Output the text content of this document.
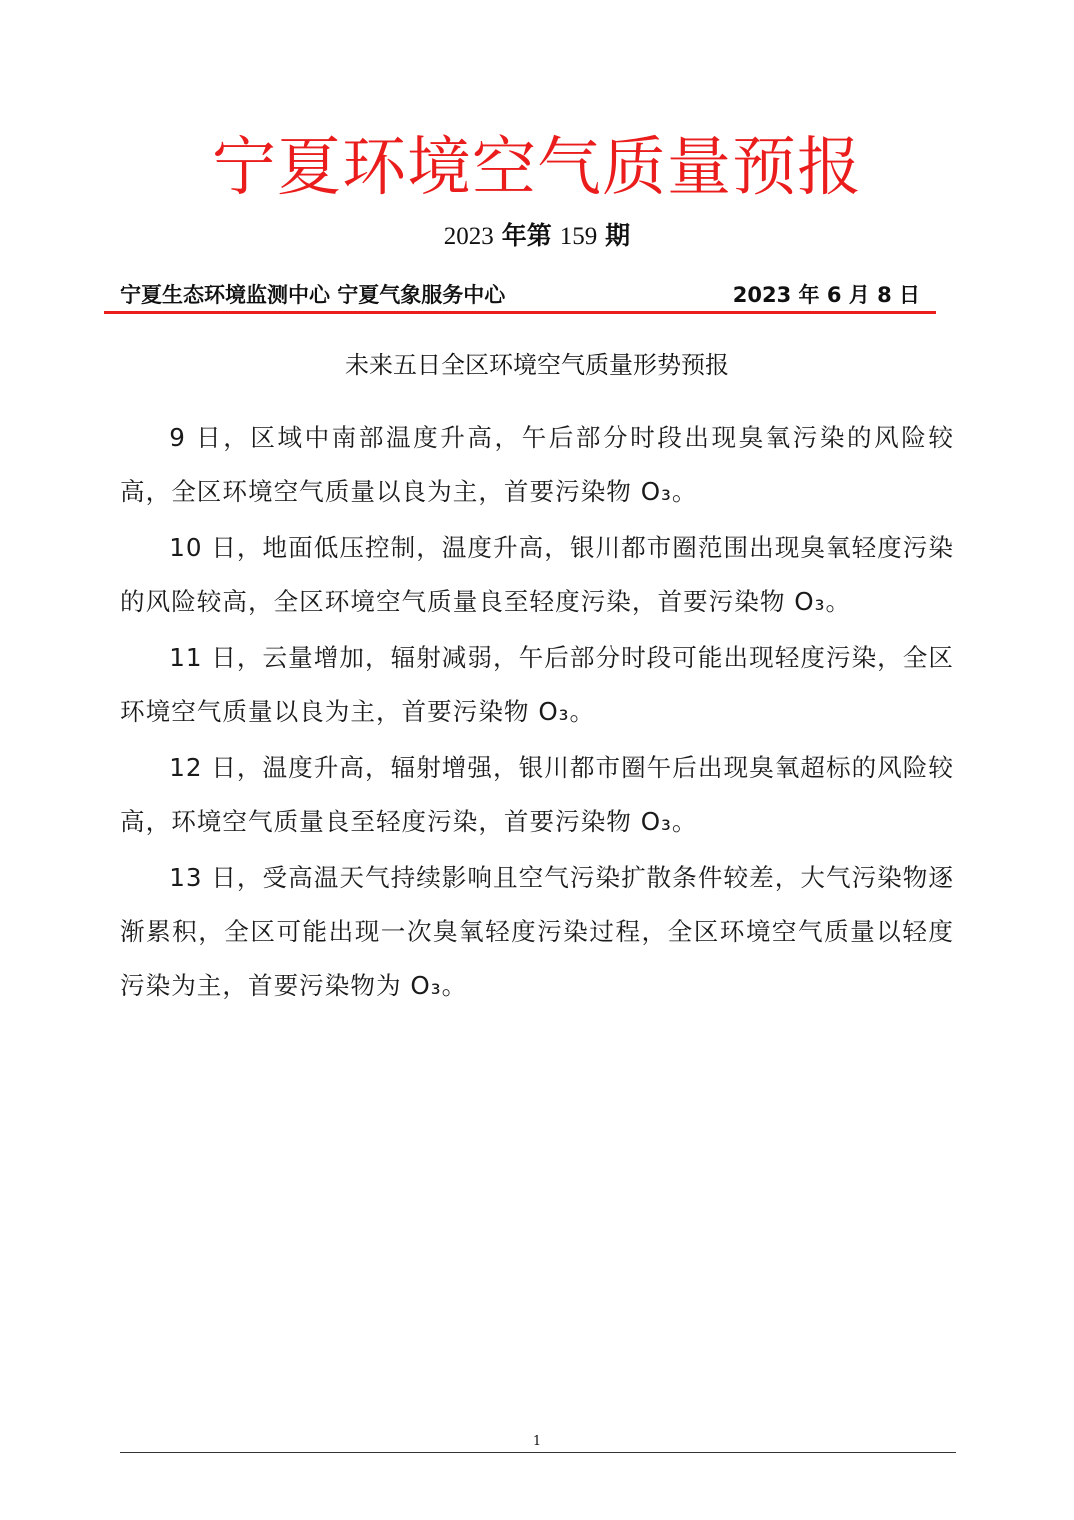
宁夏环境空气质量预报
2023 年第 159 期
宁夏生态环境监测中心 宁夏气象服务中心	2023 年 6 月 8 日
未来五日全区环境空气质量形势预报

9 日，区域中南部温度升高，午后部分时段出现臭氧污染的风险较高，全区环境空气质量以良为主，首要污染物 O₃。

10 日，地面低压控制，温度升高，银川都市圈范围出现臭氧轻度污染的风险较高，全区环境空气质量良至轻度污染，首要污染物 O₃。

11 日，云量增加，辐射减弱，午后部分时段可能出现轻度污染，全区环境空气质量以良为主，首要污染物 O₃。

12 日，温度升高，辐射增强，银川都市圈午后出现臭氧超标的风险较高，环境空气质量良至轻度污染，首要污染物 O₃。

13 日，受高温天气持续影响且空气污染扩散条件较差，大气污染物逐渐累积，全区可能出现一次臭氧轻度污染过程，全区环境空气质量以轻度污染为主，首要污染物为 O₃。

1
